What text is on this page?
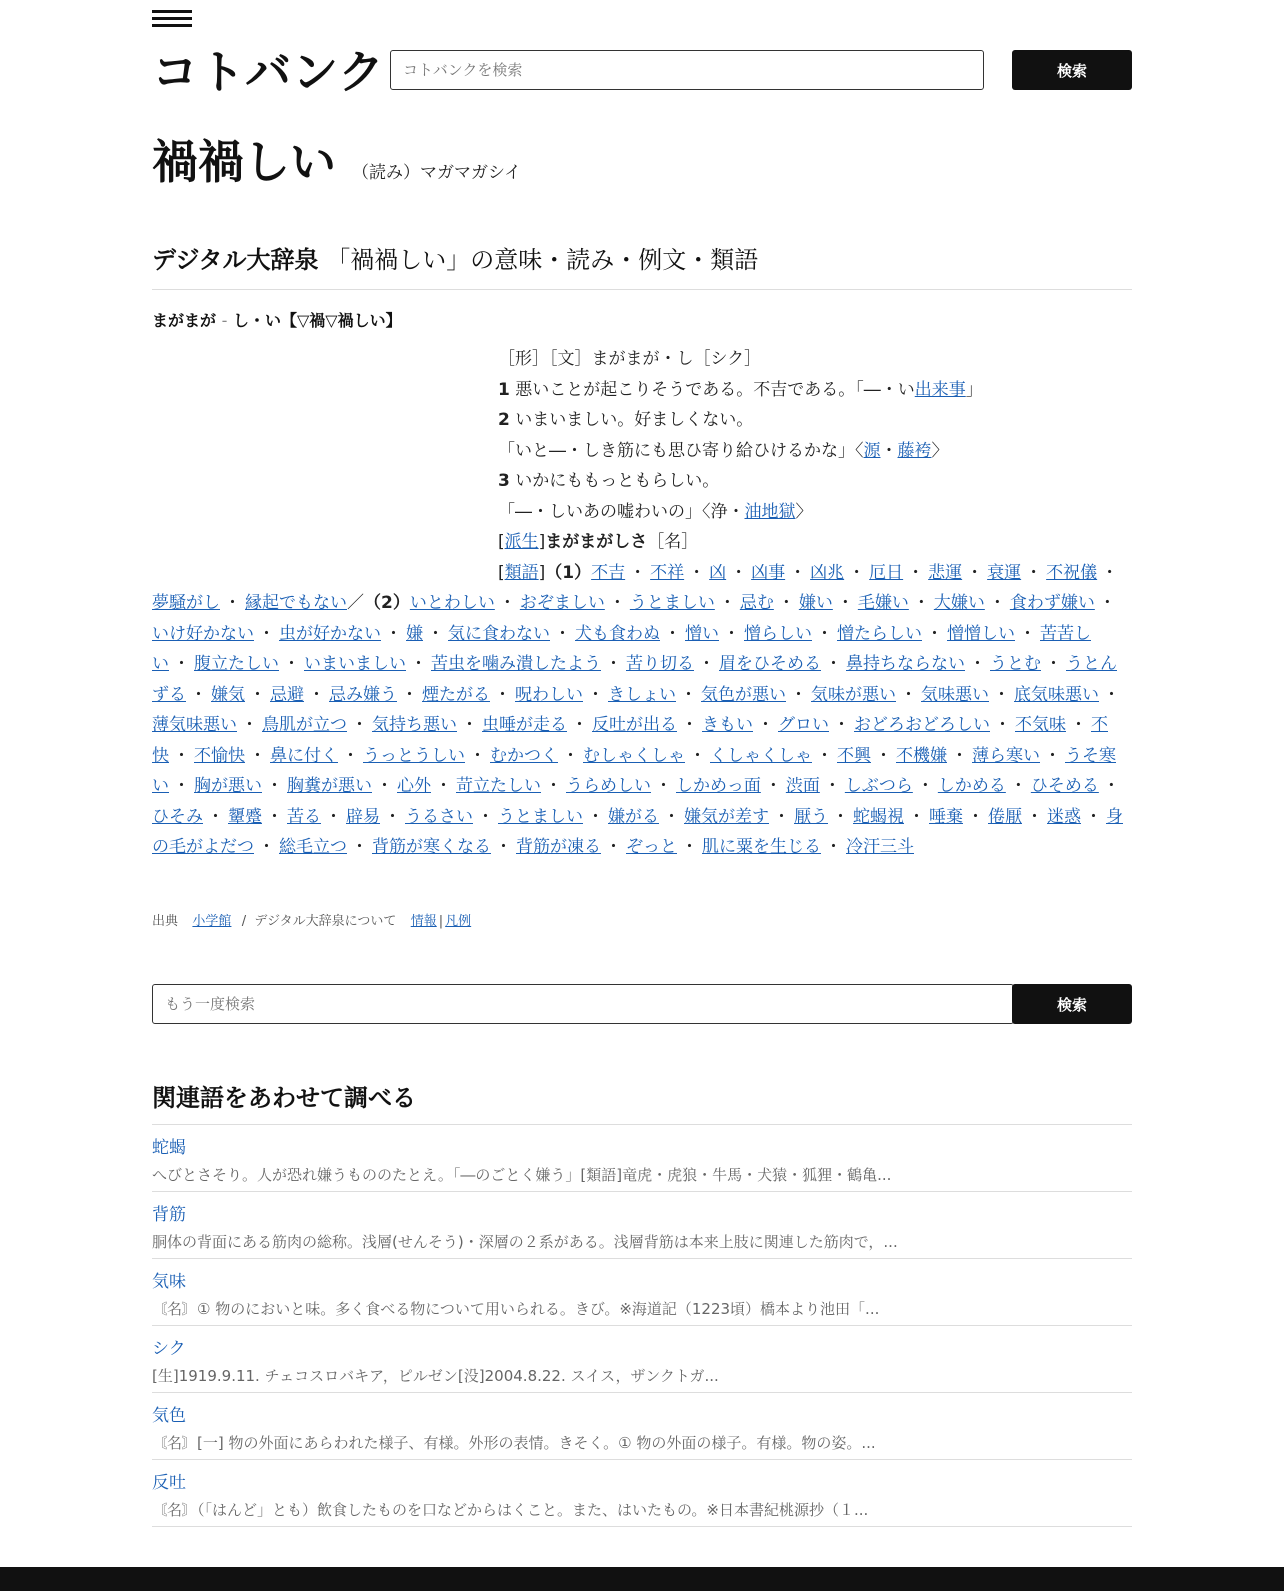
コトバンク
コトバンクを検索	検索
禍禍しい （読み）マガマガシイ
デジタル大辞泉 「禍禍しい」の意味・読み・例文・類語
まがまが - し・い【▽禍▽禍しい】
［形］［文］まがまが・し［シク］
1 悪いことが起こりそうである。不吉である。「―・い出来事」
2 いまいましい。好ましくない。
「いと―・しき筋にも思ひ寄り給ひけるかな」〈源・藤袴〉
3 いかにももっともらしい。
「―・しいあの嘘わいの」〈浄・油地獄〉
[派生]まがまがしさ［名］
[類語]（1）不吉 ・ 不祥 ・ 凶 ・ 凶事 ・ 凶兆 ・ 厄日 ・ 悲運 ・ 衰運 ・ 不祝儀 ・夢騒がし ・ 縁起でもない／（2）いとわしい ・ おぞましい ・ うとましい ・ 忌む ・ 嫌い ・ 毛嫌い ・ 大嫌い ・ 食わず嫌い ・いけ好かない ・ 虫が好かない ・ 嫌 ・ 気に食わない ・ 犬も食わぬ ・ 憎い ・ 憎らしい ・ 憎たらしい ・ 憎憎しい ・ 苦苦しい ・ 腹立たしい ・ いまいましい ・ 苦虫を噛み潰したよう ・ 苦り切る ・ 眉をひそめる ・ 鼻持ちならない ・ うとむ ・ うとんずる ・ 嫌気 ・ 忌避 ・ 忌み嫌う ・ 煙たがる ・ 呪わしい ・ きしょい ・ 気色が悪い ・ 気味が悪い ・ 気味悪い ・ 底気味悪い ・薄気味悪い ・ 鳥肌が立つ ・ 気持ち悪い ・ 虫唾が走る ・ 反吐が出る ・ きもい ・ グロい ・ おどろおどろしい ・ 不気味 ・ 不快 ・ 不愉快 ・ 鼻に付く ・ うっとうしい ・ むかつく ・ むしゃくしゃ ・ くしゃくしゃ ・ 不興 ・ 不機嫌 ・ 薄ら寒い ・ うそ寒い ・ 胸が悪い ・ 胸糞が悪い ・ 心外 ・ 苛立たしい ・ うらめしい ・ しかめっ面 ・ 渋面 ・ しぶつら ・ しかめる ・ ひそめる ・ひそみ ・ 顰蹙 ・ 苦る ・ 辟易 ・ うるさい ・ うとましい ・ 嫌がる ・ 嫌気が差す ・ 厭う ・ 蛇蝎視 ・ 唾棄 ・ 倦厭 ・ 迷惑 ・ 身の毛がよだつ ・ 総毛立つ ・ 背筋が寒くなる ・ 背筋が凍る ・ ぞっと ・ 肌に粟を生じる ・ 冷汗三斗
出典 小学館 / デジタル大辞泉について 情報 | 凡例
もう一度検索
検索
関連語をあわせて調べる
蛇蝎
へびとさそり。人が恐れ嫌うもののたとえ。「―のごとく嫌う」[類語]竜虎・虎狼・牛馬・犬猿・狐狸・鶴亀...
背筋
胴体の背面にある筋肉の総称。浅層(せんそう)・深層の２系がある。浅層背筋は本来上肢に関連した筋肉で，...
気味
〘名〙① 物のにおいと味。多く食べる物について用いられる。きび。※海道記（1223頃）橋本より池田「...
シク
[生]1919.9.11. チェコスロバキア，ピルゼン[没]2004.8.22. スイス，ザンクトガ...
気色
〘名〙[一] 物の外面にあらわれた様子、有様。外形の表情。きそく。① 物の外面の様子。有様。物の姿。...
反吐
〘名〙（「はんど」とも）飲食したものを口などからはくこと。また、はいたもの。※日本書紀桃源抄（１...
